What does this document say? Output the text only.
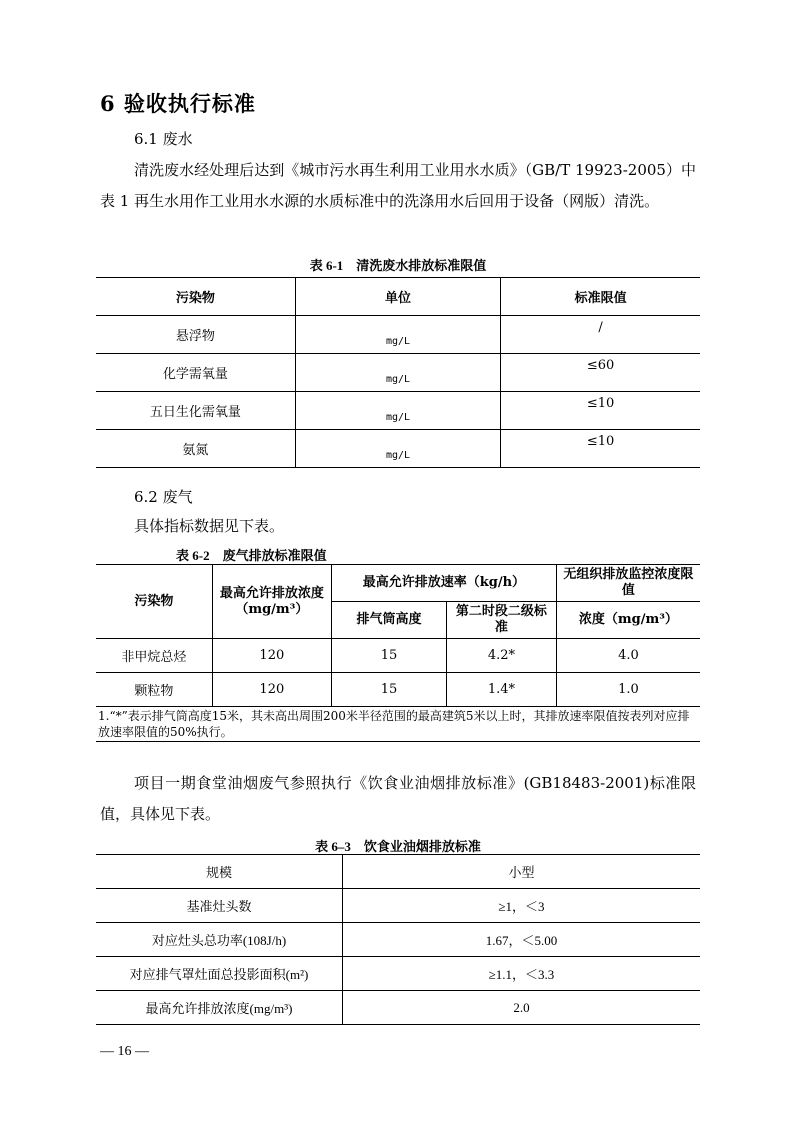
6 验收执行标准
6.1 废水
清洗废水经处理后达到《城市污水再生利用工业用水水质》（GB/T 19923-2005）中表 1 再生水用作工业用水水源的水质标准中的洗涤用水后回用于设备（网版）清洗。
表 6-1　清洗废水排放标准限值
污染物	单位	标准限值
悬浮物	$_{mg/L}$	/
化学需氧量	$_{mg/L}$	≤60
五日生化需氧量	$_{mg/L}$	≤10
氨氮	$_{mg/L}$	≤10
6.2 废气
具体指标数据见下表。
表 6-2　废气排放标准限值
污染物	最高允许排放浓度（mg/m³）	最高允许排放速率（kg/h）		无组织排放监控浓度限值
		排气筒高度	第二时段二级标准	浓度（mg/m³）
非甲烷总烃	120	15	4.2*	4.0
颗粒物	120	15	1.4*	1.0
1.“*”表示排气筒高度15米，其未高出周围200米半径范围的最高建筑5米以上时，其排放速率限值按表列对应排放速率限值的50%执行。				
项目一期食堂油烟废气参照执行《饮食业油烟排放标准》(GB18483-2001)标准限值，具体见下表。
表 6–3　饮食业油烟排放标准
规模	小型
基准灶头数	≥1，＜3
对应灶头总功率(108J/h)	1.67，＜5.00
对应排气罩灶面总投影面积(m²)	≥1.1，＜3.3
最高允许排放浓度(mg/m³)	2.0
— 16 —
